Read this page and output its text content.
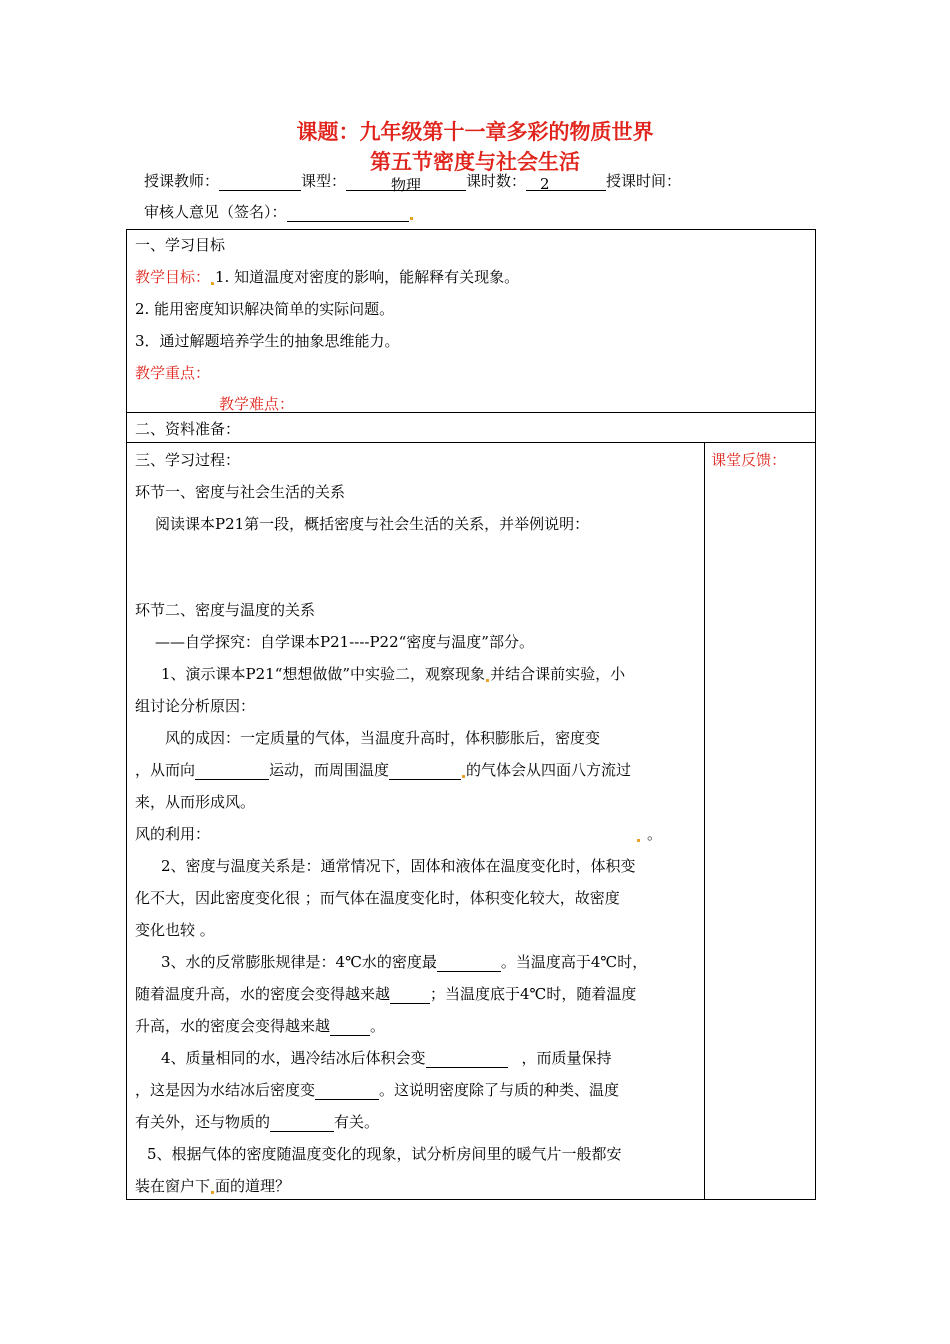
课题：九年级第十一章多彩的物质世界
第五节密度与社会生活
授课教师：	课型：	物理	课时数： 2	授课时间：
审核人意见（签名）：
一、学习目标
教学目标： 1. 知道温度对密度的影响，能解释有关现象。
2. 能用密度知识解决简单的实际问题。
3．通过解题培养学生的抽象思维能力。
教学重点：
教学难点：

二、资料准备：

三、学习过程：
环节一、密度与社会生活的关系
阅读课本P21第一段，概括密度与社会生活的关系，并举例说明：
环节二、密度与温度的关系
——自学探究：自学课本P21----P22“密度与温度”部分。
1、演示课本P21“想想做做”中实验二，观察现象 并结合课前实验，小
组讨论分析原因：
风的成因：一定质量的气体，当温度升高时，体积膨胀后，密度变
，从而向	运动，而周围温度	的气体会从四面八方流过
来，从而形成风。
风的利用：	。
2、密度与温度关系是：通常情况下，固体和液体在温度变化时，体积变
化不大，因此密度变化很 ；而气体在温度变化时，体积变化较大，故密度
变化也较 。
3、水的反常膨胀规律是：4℃水的密度最	。当温度高于4℃时，
随着温度升高，水的密度会变得越来越	；当温度底于4℃时，随着温度
升高，水的密度会变得越来越	。
4、质量相同的水，遇冷结冰后体积会变	，而质量保持
，这是因为水结冰后密度变	。这说明密度除了与质的种类、温度
有关外，还与物质的	有关。
5、根据气体的密度随温度变化的现象，试分析房间里的暖气片一般都安
装在窗户下 面的道理？

课堂反馈：
